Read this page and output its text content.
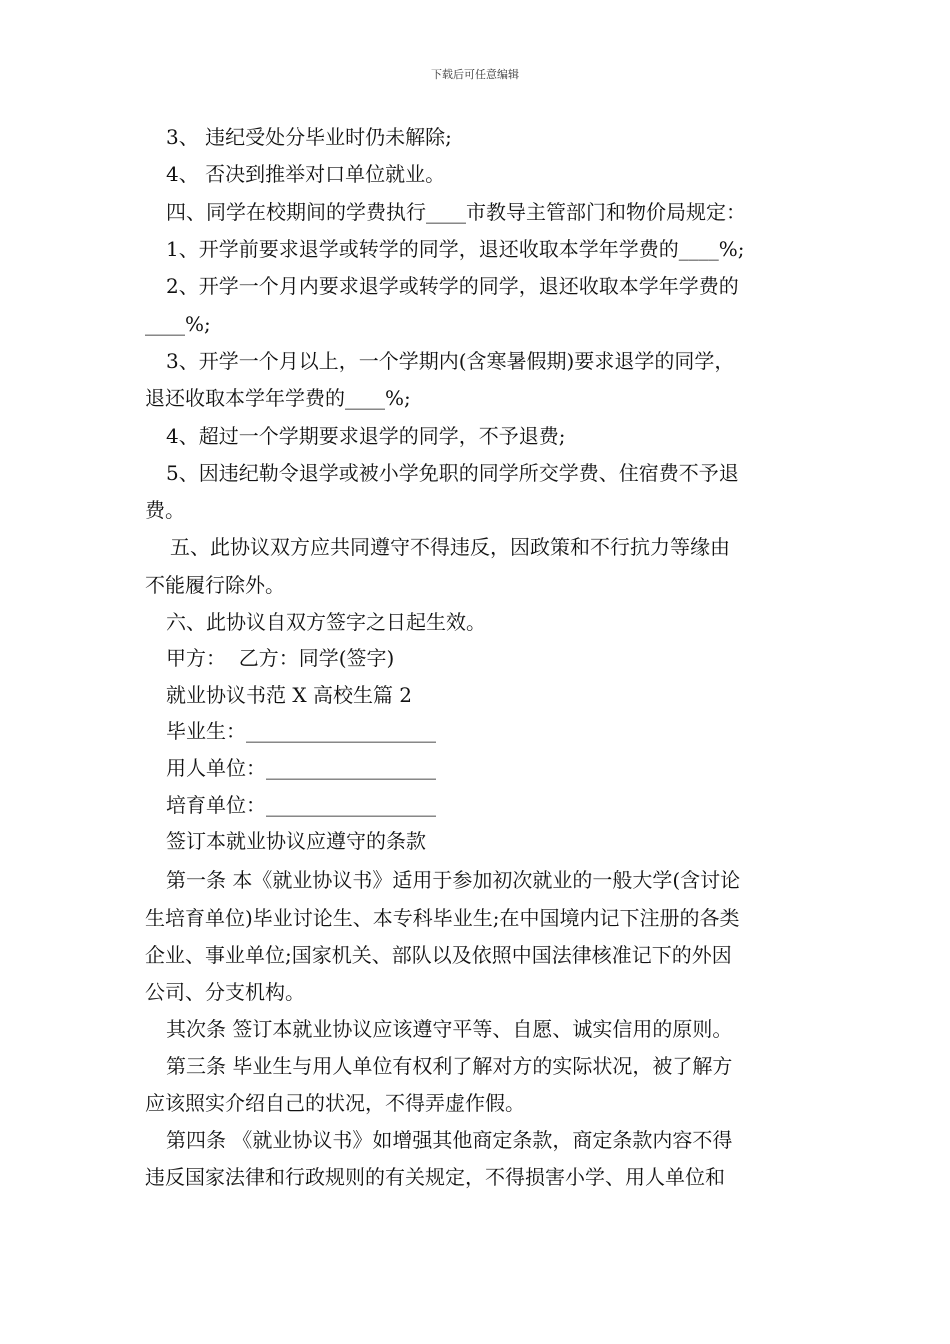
下载后可任意编辑
3、 违纪受处分毕业时仍未解除;
4、 否决到推举对口单位就业。
四、同学在校期间的学费执行____市教导主管部门和物价局规定：
1、开学前要求退学或转学的同学，退还收取本学年学费的____%;
2、开学一个月内要求退学或转学的同学，退还收取本学年学费的
____%;
3、开学一个月以上，一个学期内(含寒暑假期)要求退学的同学，
退还收取本学年学费的____%;
4、超过一个学期要求退学的同学，不予退费;
5、因违纪勒令退学或被小学免职的同学所交学费、住宿费不予退
费。
五、此协议双方应共同遵守不得违反，因政策和不行抗力等缘由
不能履行除外。
六、此协议自双方签字之日起生效。
甲方：  乙方：同学(签字)
就业协议书范 X 高校生篇 2
毕业生：___________________
用人单位：_________________
培育单位：_________________
签订本就业协议应遵守的条款
第一条 本《就业协议书》适用于参加初次就业的一般大学(含讨论
生培育单位)毕业讨论生、本专科毕业生;在中国境内记下注册的各类
企业、事业单位;国家机关、部队以及依照中国法律核准记下的外因
公司、分支机构。
其次条 签订本就业协议应该遵守平等、自愿、诚实信用的原则。
第三条 毕业生与用人单位有权利了解对方的实际状况，被了解方
应该照实介绍自己的状况，不得弄虚作假。
第四条 《就业协议书》如增强其他商定条款，商定条款内容不得
违反国家法律和行政规则的有关规定，不得损害小学、用人单位和
